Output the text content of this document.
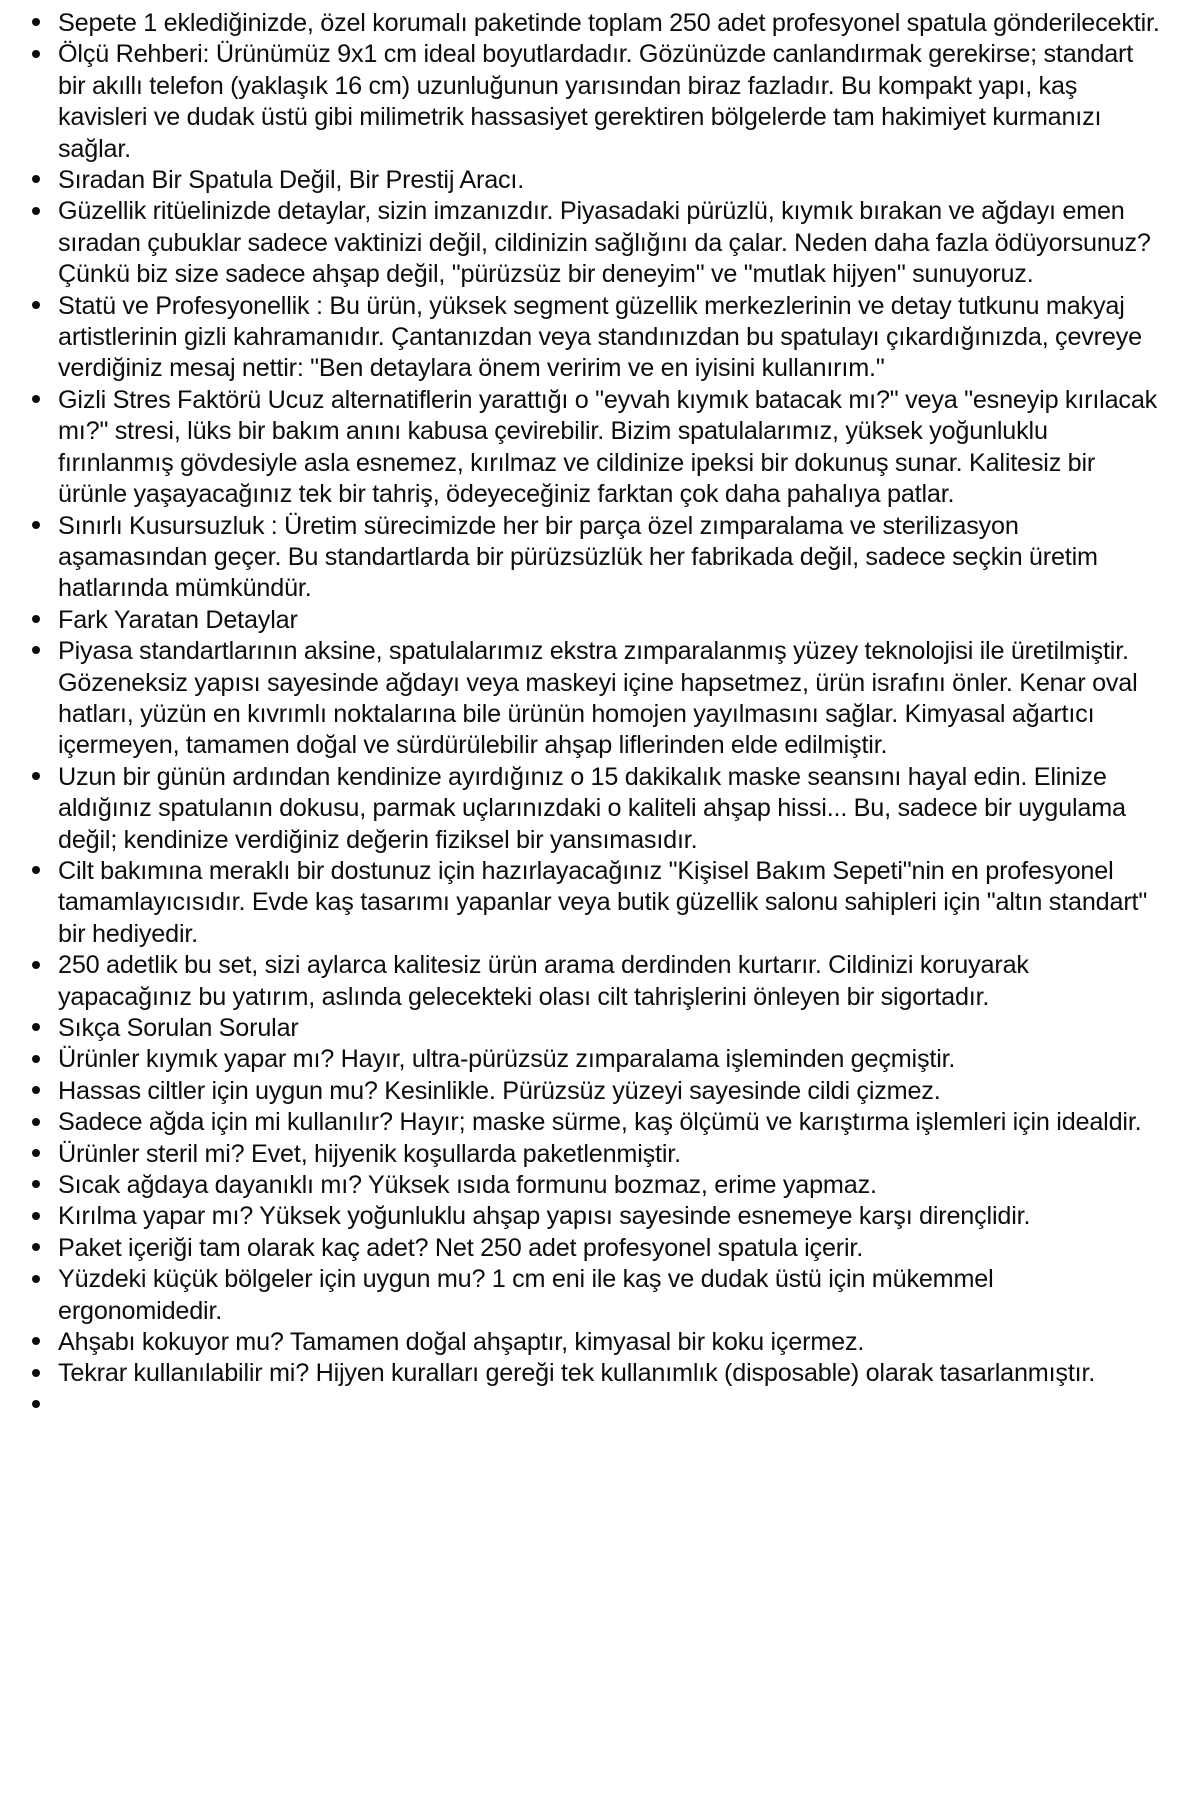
Sepete 1 eklediğinizde, özel korumalı paketinde toplam 250 adet profesyonel spatula gönderilecektir.
Ölçü Rehberi: Ürünümüz 9x1 cm ideal boyutlardadır. Gözünüzde canlandırmak gerekirse; standart bir akıllı telefon (yaklaşık 16 cm) uzunluğunun yarısından biraz fazladır. Bu kompakt yapı, kaş kavisleri ve dudak üstü gibi milimetrik hassasiyet gerektiren bölgelerde tam hakimiyet kurmanızı sağlar.
Sıradan Bir Spatula Değil, Bir Prestij Aracı.
Güzellik ritüelinizde detaylar, sizin imzanızdır. Piyasadaki pürüzlü, kıymık bırakan ve ağdayı emen sıradan çubuklar sadece vaktinizi değil, cildinizin sağlığını da çalar. Neden daha fazla ödüyorsunuz? Çünkü biz size sadece ahşap değil, "pürüzsüz bir deneyim" ve "mutlak hijyen" sunuyoruz.
Statü ve Profesyonellik : Bu ürün, yüksek segment güzellik merkezlerinin ve detay tutkunu makyaj artistlerinin gizli kahramanıdır. Çantanızdan veya standınızdan bu spatulayı çıkardığınızda, çevreye verdiğiniz mesaj nettir: "Ben detaylara önem veririm ve en iyisini kullanırım."
Gizli Stres Faktörü Ucuz alternatiflerin yarattığı o "eyvah kıymık batacak mı?" veya "esneyip kırılacak mı?" stresi, lüks bir bakım anını kabusa çevirebilir. Bizim spatulalarımız, yüksek yoğunluklu fırınlanmış gövdesiyle asla esnemez, kırılmaz ve cildinize ipeksi bir dokunuş sunar. Kalitesiz bir ürünle yaşayacağınız tek bir tahriş, ödeyeceğiniz farktan çok daha pahalıya patlar.
Sınırlı Kusursuzluk : Üretim sürecimizde her bir parça özel zımparalama ve sterilizasyon aşamasından geçer. Bu standartlarda bir pürüzsüzlük her fabrikada değil, sadece seçkin üretim hatlarında mümkündür.
Fark Yaratan Detaylar
Piyasa standartlarının aksine, spatulalarımız ekstra zımparalanmış yüzey teknolojisi ile üretilmiştir. Gözeneksiz yapısı sayesinde ağdayı veya maskeyi içine hapsetmez, ürün israfını önler. Kenar oval hatları, yüzün en kıvrımlı noktalarına bile ürünün homojen yayılmasını sağlar. Kimyasal ağartıcı içermeyen, tamamen doğal ve sürdürülebilir ahşap liflerinden elde edilmiştir.
Uzun bir günün ardından kendinize ayırdığınız o 15 dakikalık maske seansını hayal edin. Elinize aldığınız spatulanın dokusu, parmak uçlarınızdaki o kaliteli ahşap hissi... Bu, sadece bir uygulama değil; kendinize verdiğiniz değerin fiziksel bir yansımasıdır.
Cilt bakımına meraklı bir dostunuz için hazırlayacağınız "Kişisel Bakım Sepeti"nin en profesyonel tamamlayıcısıdır. Evde kaş tasarımı yapanlar veya butik güzellik salonu sahipleri için "altın standart" bir hediyedir.
250 adetlik bu set, sizi aylarca kalitesiz ürün arama derdinden kurtarır. Cildinizi koruyarak yapacağınız bu yatırım, aslında gelecekteki olası cilt tahrişlerini önleyen bir sigortadır.
Sıkça Sorulan Sorular
Ürünler kıymık yapar mı? Hayır, ultra-pürüzsüz zımparalama işleminden geçmiştir.
Hassas ciltler için uygun mu? Kesinlikle. Pürüzsüz yüzeyi sayesinde cildi çizmez.
Sadece ağda için mi kullanılır? Hayır; maske sürme, kaş ölçümü ve karıştırma işlemleri için idealdir.
Ürünler steril mi? Evet, hijyenik koşullarda paketlenmiştir.
Sıcak ağdaya dayanıklı mı? Yüksek ısıda formunu bozmaz, erime yapmaz.
Kırılma yapar mı? Yüksek yoğunluklu ahşap yapısı sayesinde esnemeye karşı dirençlidir.
Paket içeriği tam olarak kaç adet? Net 250 adet profesyonel spatula içerir.
Yüzdeki küçük bölgeler için uygun mu? 1 cm eni ile kaş ve dudak üstü için mükemmel ergonomidedir.
Ahşabı kokuyor mu? Tamamen doğal ahşaptır, kimyasal bir koku içermez.
Tekrar kullanılabilir mi? Hijyen kuralları gereği tek kullanımlık (disposable) olarak tasarlanmıştır.
